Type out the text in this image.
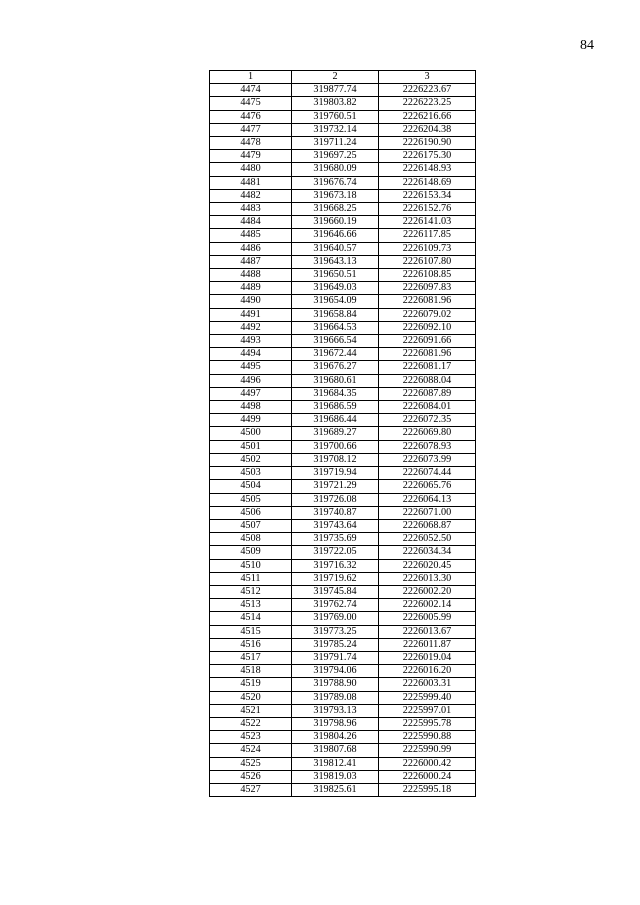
84
1	2	3
4474	319877.74	2226223.67
4475	319803.82	2226223.25
4476	319760.51	2226216.66
4477	319732.14	2226204.38
4478	319711.24	2226190.90
4479	319697.25	2226175.30
4480	319680.09	2226148.93
4481	319676.74	2226148.69
4482	319673.18	2226153.34
4483	319668.25	2226152.76
4484	319660.19	2226141.03
4485	319646.66	2226117.85
4486	319640.57	2226109.73
4487	319643.13	2226107.80
4488	319650.51	2226108.85
4489	319649.03	2226097.83
4490	319654.09	2226081.96
4491	319658.84	2226079.02
4492	319664.53	2226092.10
4493	319666.54	2226091.66
4494	319672.44	2226081.96
4495	319676.27	2226081.17
4496	319680.61	2226088.04
4497	319684.35	2226087.89
4498	319686.59	2226084.01
4499	319686.44	2226072.35
4500	319689.27	2226069.80
4501	319700.66	2226078.93
4502	319708.12	2226073.99
4503	319719.94	2226074.44
4504	319721.29	2226065.76
4505	319726.08	2226064.13
4506	319740.87	2226071.00
4507	319743.64	2226068.87
4508	319735.69	2226052.50
4509	319722.05	2226034.34
4510	319716.32	2226020.45
4511	319719.62	2226013.30
4512	319745.84	2226002.20
4513	319762.74	2226002.14
4514	319769.00	2226005.99
4515	319773.25	2226013.67
4516	319785.24	2226011.87
4517	319791.74	2226019.04
4518	319794.06	2226016.20
4519	319788.90	2226003.31
4520	319789.08	2225999.40
4521	319793.13	2225997.01
4522	319798.96	2225995.78
4523	319804.26	2225990.88
4524	319807.68	2225990.99
4525	319812.41	2226000.42
4526	319819.03	2226000.24
4527	319825.61	2225995.18
